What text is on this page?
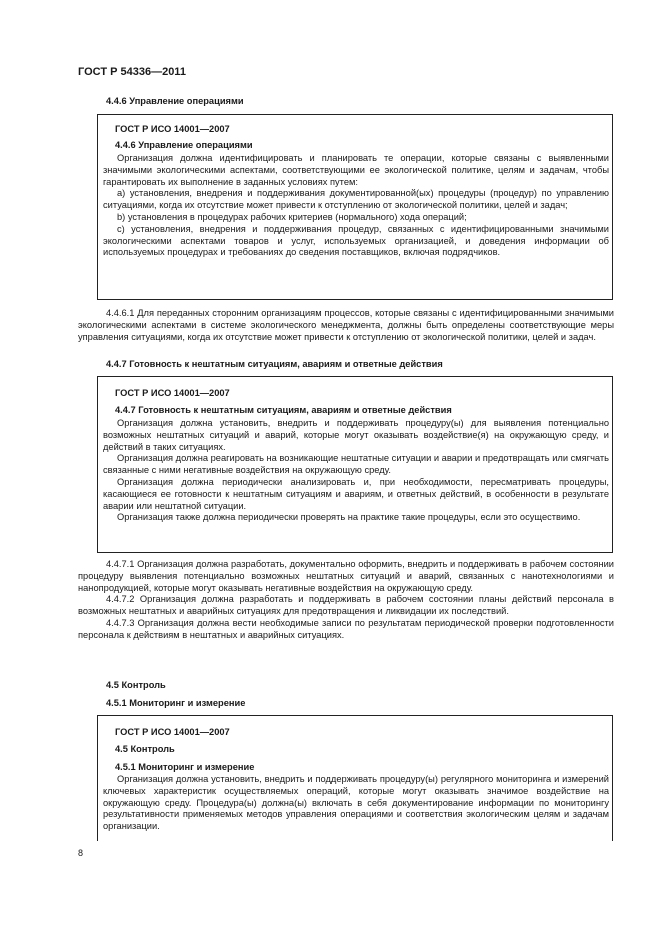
ГОСТ Р 54336—2011
4.4.6 Управление операциями
ГОСТ Р ИСО 14001—2007
4.4.6 Управление операциями

Организация должна идентифицировать и планировать те операции, которые связаны с выявленными значимыми экологическими аспектами, соответствующими ее экологической политике, целям и задачам, чтобы гарантировать их выполнение в заданных условиях путем:

а) установления, внедрения и поддерживания документированной(ых) процедуры (процедур) по управлению ситуациями, когда их отсутствие может привести к отступлению от экологической политики, целей и задач;

b) установления в процедурах рабочих критериев (нормального) хода операций;

с) установления, внедрения и поддерживания процедур, связанных с идентифицированными значимыми экологическими аспектами товаров и услуг, используемых организацией, и доведения информации об используемых процедурах и требованиях до сведения поставщиков, включая подрядчиков.

4.4.6.1 Для переданных сторонним организациям процессов, которые связаны с идентифицированными значимыми экологическими аспектами в системе экологического менеджмента, должны быть определены соответствующие меры управления ситуациями, когда их отсутствие может привести к отступлению от экологической политики, целей и задач.

4.4.7 Готовность к нештатным ситуациям, авариям и ответные действия
ГОСТ Р ИСО 14001—2007
4.4.7 Готовность к нештатным ситуациям, авариям и ответные действия

Организация должна установить, внедрить и поддерживать процедуру(ы) для выявления потенциально возможных нештатных ситуаций и аварий, которые могут оказывать воздействие(я) на окружающую среду, и действий в таких ситуациях.

Организация должна реагировать на возникающие нештатные ситуации и аварии и предотвращать или смягчать связанные с ними негативные воздействия на окружающую среду.

Организация должна периодически анализировать и, при необходимости, пересматривать процедуры, касающиеся ее готовности к нештатным ситуациям и авариям, и ответных действий, в особенности в результате аварии или нештатной ситуации.

Организация также должна периодически проверять на практике такие процедуры, если это осуществимо.

4.4.7.1 Организация должна разработать, документально оформить, внедрить и поддерживать в рабочем состоянии процедуру выявления потенциально возможных нештатных ситуаций и аварий, связанных с нанотехнологиями и нанопродукцией, которые могут оказывать негативные воздействия на окружающую среду.

4.4.7.2 Организация должна разработать и поддерживать в рабочем состоянии планы действий персонала в возможных нештатных и аварийных ситуациях для предотвращения и ликвидации их последствий.

4.4.7.3 Организация должна вести необходимые записи по результатам периодической проверки подготовленности персонала к действиям в нештатных и аварийных ситуациях.

4.5 Контроль
4.5.1 Мониторинг и измерение
ГОСТ Р ИСО 14001—2007
4.5 Контроль
4.5.1 Мониторинг и измерение

Организация должна установить, внедрить и поддерживать процедуру(ы) регулярного мониторинга и измерений ключевых характеристик осуществляемых операций, которые могут оказывать значимое воздействие на окружающую среду. Процедура(ы) должна(ы) включать в себя документирование информации по мониторингу результативности применяемых методов управления операциями и соответствия экологическим целям и задачам организации.

8
